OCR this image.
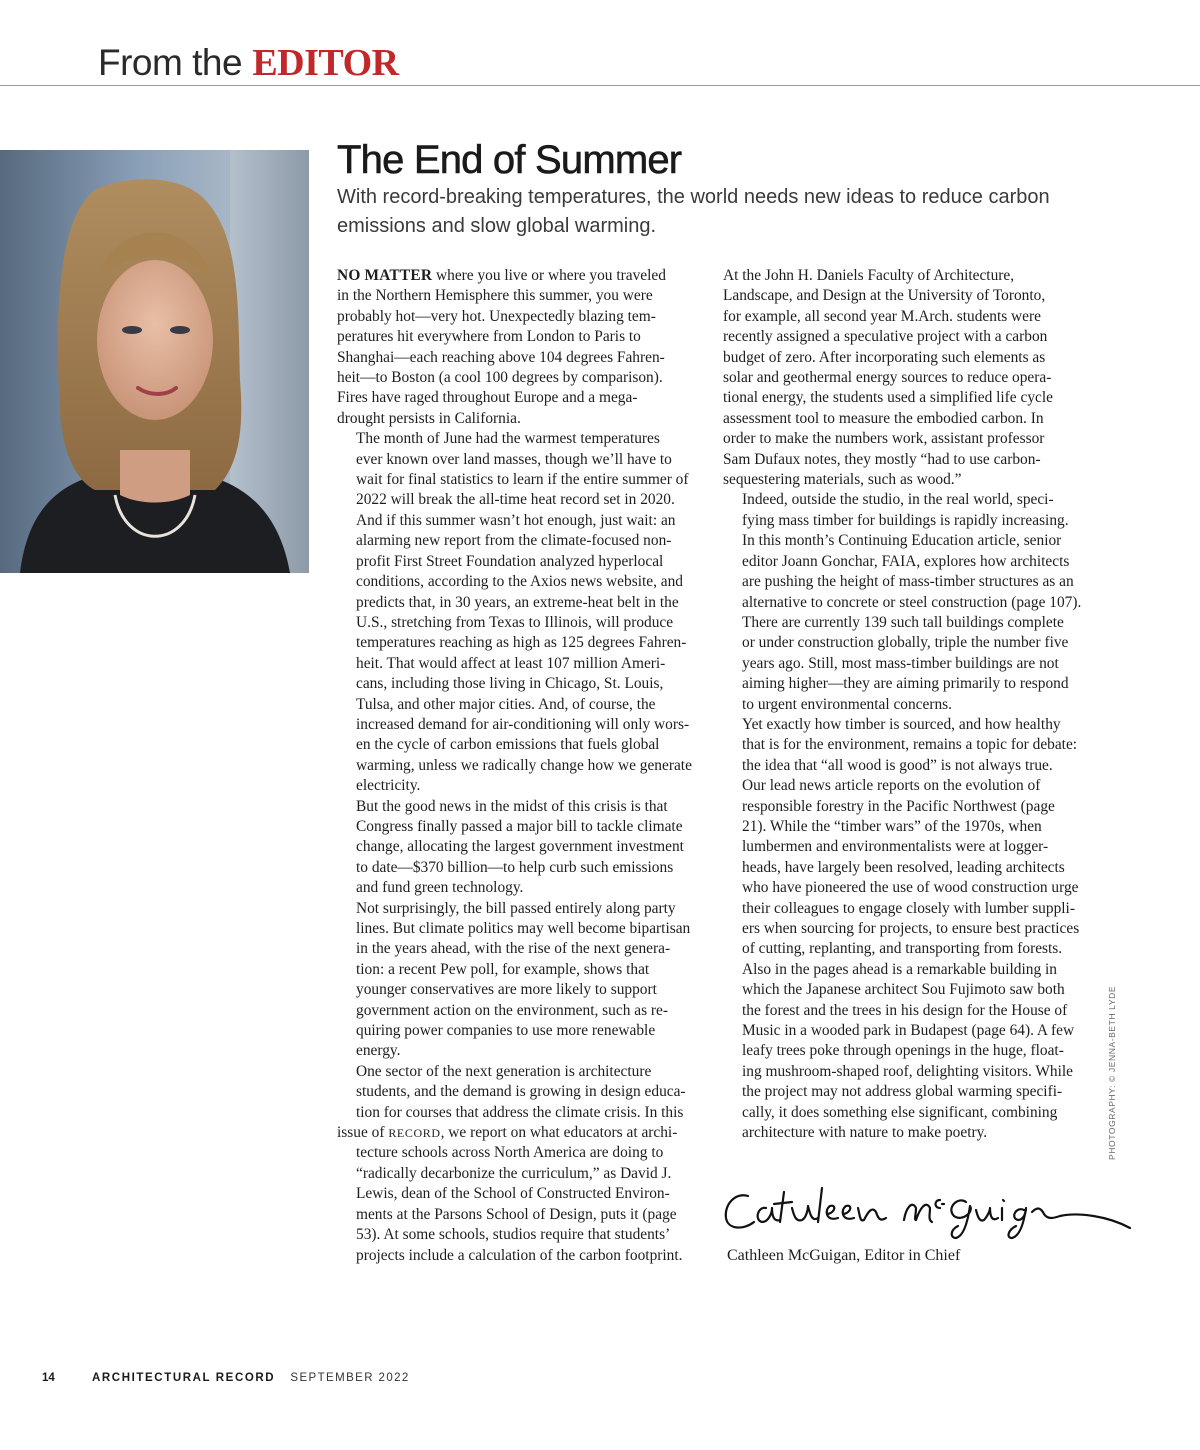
From the EDITOR
The End of Summer

With record-breaking temperatures, the world needs new ideas to reduce carbon emissions and slow global warming.

NO MATTER where you live or where you traveled
in the Northern Hemisphere this summer, you were
probably hot—very hot. Unexpectedly blazing tem-
peratures hit everywhere from London to Paris to
Shanghai—each reaching above 104 degrees Fahren-
heit—to Boston (a cool 100 degrees by comparison).
Fires have raged throughout Europe and a mega-
drought persists in California.

The month of June had the warmest temperatures
ever known over land masses, though we’ll have to
wait for final statistics to learn if the entire summer of
2022 will break the all-time heat record set in 2020.

And if this summer wasn’t hot enough, just wait: an
alarming new report from the climate-focused non-
profit First Street Foundation analyzed hyperlocal
conditions, according to the Axios news website, and
predicts that, in 30 years, an extreme-heat belt in the
U.S., stretching from Texas to Illinois, will produce
temperatures reaching as high as 125 degrees Fahren-
heit. That would affect at least 107 million Ameri-
cans, including those living in Chicago, St. Louis,
Tulsa, and other major cities. And, of course, the
increased demand for air-conditioning will only wors-
en the cycle of carbon emissions that fuels global
warming, unless we radically change how we generate
electricity.

But the good news in the midst of this crisis is that
Congress finally passed a major bill to tackle climate
change, allocating the largest government investment
to date—$370 billion—to help curb such emissions
and fund green technology.

Not surprisingly, the bill passed entirely along party
lines. But climate politics may well become bipartisan
in the years ahead, with the rise of the next genera-
tion: a recent Pew poll, for example, shows that
younger conservatives are more likely to support
government action on the environment, such as re-
quiring power companies to use more renewable
energy.

One sector of the next generation is architecture
students, and the demand is growing in design educa-
tion for courses that address the climate crisis. In this
issue of RECORD, we report on what educators at archi-
tecture schools across North America are doing to
“radically decarbonize the curriculum,” as David J.
Lewis, dean of the School of Constructed Environ-
ments at the Parsons School of Design, puts it (page
53). At some schools, studios require that students’
projects include a calculation of the carbon footprint.

At the John H. Daniels Faculty of Architecture,
Landscape, and Design at the University of Toronto,
for example, all second year M.Arch. students were
recently assigned a speculative project with a carbon
budget of zero. After incorporating such elements as
solar and geothermal energy sources to reduce opera-
tional energy, the students used a simplified life cycle
assessment tool to measure the embodied carbon. In
order to make the numbers work, assistant professor
Sam Dufaux notes, they mostly “had to use carbon-
sequestering materials, such as wood.”

Indeed, outside the studio, in the real world, speci-
fying mass timber for buildings is rapidly increasing.
In this month’s Continuing Education article, senior
editor Joann Gonchar, FAIA, explores how architects
are pushing the height of mass-timber structures as an
alternative to concrete or steel construction (page 107).
There are currently 139 such tall buildings complete
or under construction globally, triple the number five
years ago. Still, most mass-timber buildings are not
aiming higher—they are aiming primarily to respond
to urgent environmental concerns.

Yet exactly how timber is sourced, and how healthy
that is for the environment, remains a topic for debate:
the idea that “all wood is good” is not always true.
Our lead news article reports on the evolution of
responsible forestry in the Pacific Northwest (page
21). While the “timber wars” of the 1970s, when
lumbermen and environmentalists were at logger-
heads, have largely been resolved, leading architects
who have pioneered the use of wood construction urge
their colleagues to engage closely with lumber suppli-
ers when sourcing for projects, to ensure best practices
of cutting, replanting, and transporting from forests.

Also in the pages ahead is a remarkable building in
which the Japanese architect Sou Fujimoto saw both
the forest and the trees in his design for the House of
Music in a wooded park in Budapest (page 64). A few
leafy trees poke through openings in the huge, float-
ing mushroom-shaped roof, delighting visitors. While
the project may not address global warming specifi-
cally, it does something else significant, combining
architecture with nature to make poetry.

Cathleen McGuigan, Editor in Chief
PHOTOGRAPHY: © JENNA-BETH LYDE
14	ARCHITECTURAL RECORD SEPTEMBER 2022
